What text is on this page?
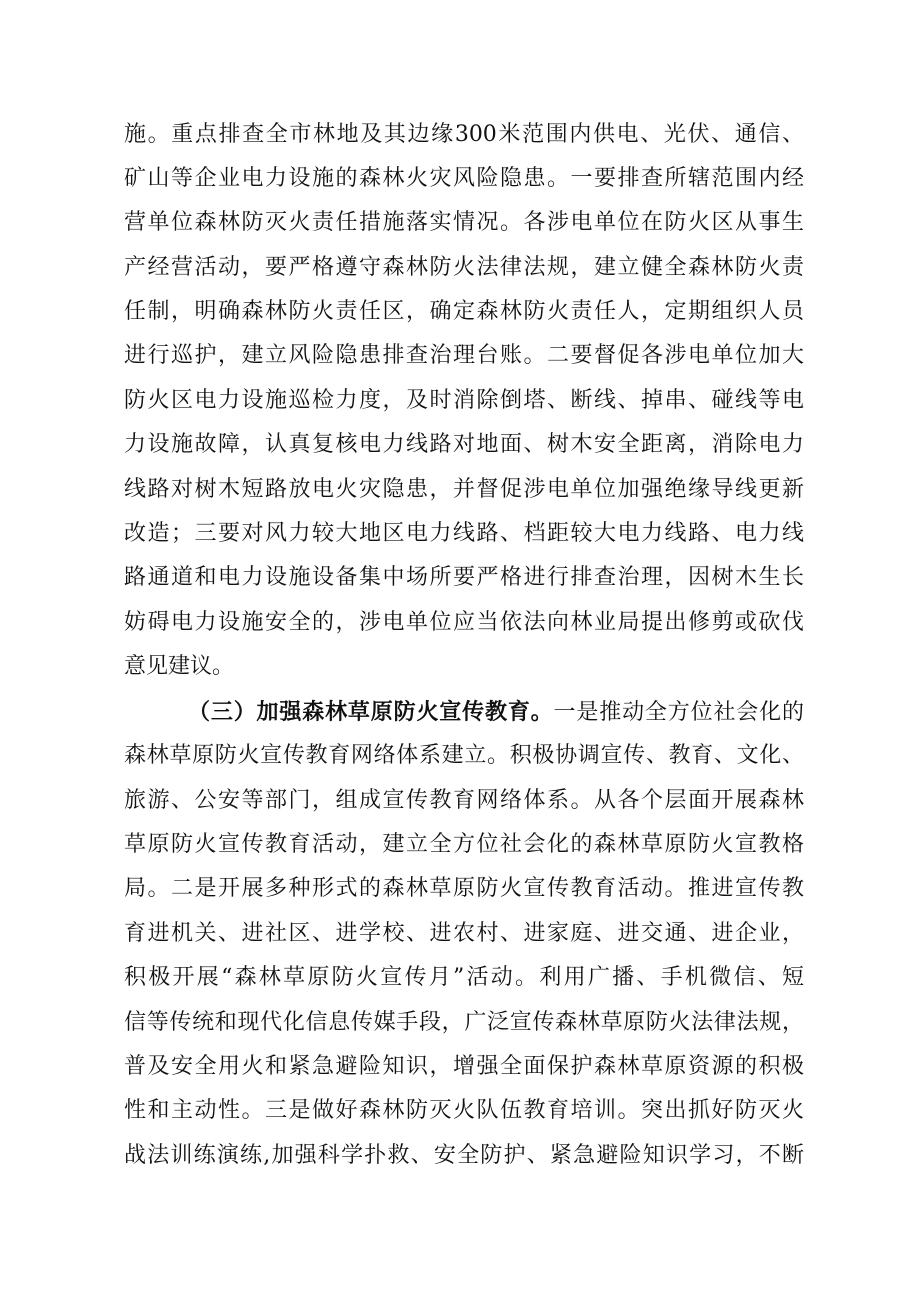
施。重点排查全市林地及其边缘300米范围内供电、光伏、通信、
矿山等企业电力设施的森林火灾风险隐患。一要排查所辖范围内经
营单位森林防灭火责任措施落实情况。各涉电单位在防火区从事生
产经营活动，要严格遵守森林防火法律法规，建立健全森林防火责
任制，明确森林防火责任区，确定森林防火责任人，定期组织人员
进行巡护，建立风险隐患排查治理台账。二要督促各涉电单位加大
防火区电力设施巡检力度，及时消除倒塔、断线、掉串、碰线等电
力设施故障，认真复核电力线路对地面、树木安全距离，消除电力
线路对树木短路放电火灾隐患，并督促涉电单位加强绝缘导线更新
改造；三要对风力较大地区电力线路、档距较大电力线路、电力线
路通道和电力设施设备集中场所要严格进行排查治理，因树木生长
妨碍电力设施安全的，涉电单位应当依法向林业局提出修剪或砍伐
意见建议。
（三）加强森林草原防火宣传教育。一是推动全方位社会化的
森林草原防火宣传教育网络体系建立。积极协调宣传、教育、文化、
旅游、公安等部门，组成宣传教育网络体系。从各个层面开展森林
草原防火宣传教育活动，建立全方位社会化的森林草原防火宣教格
局。二是开展多种形式的森林草原防火宣传教育活动。推进宣传教
育进机关、进社区、进学校、进农村、进家庭、进交通、进企业，
积极开展“森林草原防火宣传月”活动。利用广播、手机微信、短
信等传统和现代化信息传媒手段，广泛宣传森林草原防火法律法规，
普及安全用火和紧急避险知识，增强全面保护森林草原资源的积极
性和主动性。三是做好森林防灭火队伍教育培训。突出抓好防灭火
战法训练演练,加强科学扑救、安全防护、紧急避险知识学习，不断
